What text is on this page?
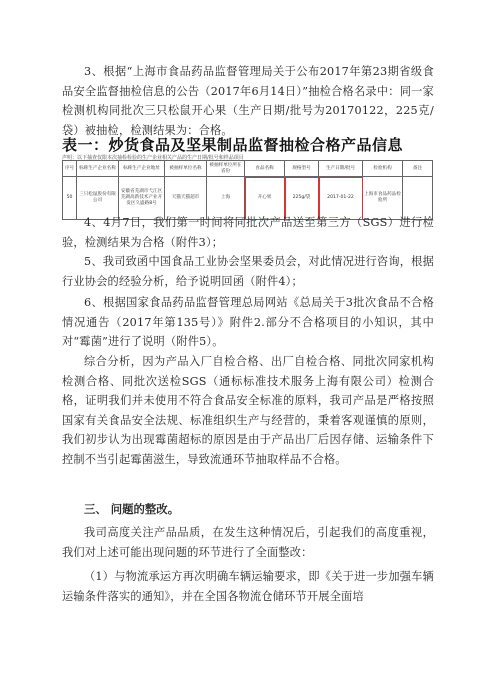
3、根据“上海市食品药品监督管理局关于公布2017年第23期省级食品安全监督抽检信息的公告（2017年6月14日）”抽检合格名录中：同一家检测机构同批次三只松鼠开心果（生产日期/批号为20170122，225克/袋）被抽检，检测结果为：合格。
表一：炒货食品及坚果制品监督抽检合格产品信息
声明：以下抽查仅限本次抽检检验的生产企业相关产品的生产日期/批号和样品项目
序号	标称生产企业名称	标称生产企业地址	被抽样单位名称	被抽样单位所在省份	食品名称	规格型号	生产日期/批号	检验机构	备注
50	三只松鼠股份有限公司	安徽省芜湖市弋江区芜湖高新技术产业开发区久盛路8号	天猫天猫超市	上海	开心果	225g/袋	2017-01-22	上海市食品药品检验所	
4、4月7日，我们第一时间将同批次产品送至第三方（SGS）进行检验，检测结果为合格（附件3）；
5、我司致函中国食品工业协会坚果委员会，对此情况进行咨询，根据行业协会的经验分析，给予说明回函（附件4）；
6、根据国家食品药品监督管理总局网站《总局关于3批次食品不合格情况通告（2017年第135号）》附件2.部分不合格项目的小知识，其中对“霉菌”进行了说明（附件5）。
综合分析，因为产品入厂自检合格、出厂自检合格、同批次同家机构检测合格、同批次送检SGS（通标标准技术服务上海有限公司）检测合格，证明我们并未使用不符合食品安全标准的原料，我司产品是严格按照国家有关食品安全法规、标准组织生产与经营的，秉着客观谨慎的原则，我们初步认为出现霉菌超标的原因是由于产品出厂后因存储、运输条件下控制不当引起霉菌滋生，导致流通环节抽取样品不合格。
三、 问题的整改。
我司高度关注产品品质，在发生这种情况后，引起我们的高度重视，我们对上述可能出现问题的环节进行了全面整改：
（1）与物流承运方再次明确车辆运输要求，即《关于进一步加强车辆运输条件落实的通知》，并在全国各物流仓储环节开展全面培
